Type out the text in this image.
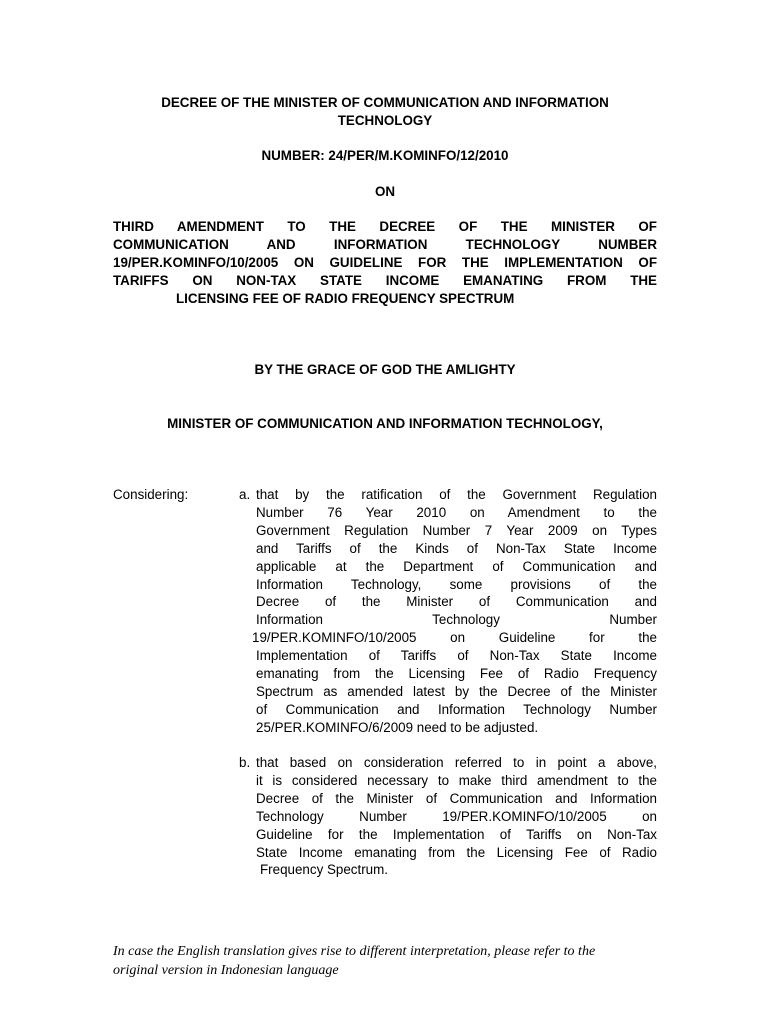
DECREE OF THE MINISTER OF COMMUNICATION AND INFORMATION
TECHNOLOGY
NUMBER: 24/PER/M.KOMINFO/12/2010
ON
THIRD AMENDMENT TO THE DECREE OF THE MINISTER OF
COMMUNICATION AND INFORMATION TECHNOLOGY NUMBER
19/PER.KOMINFO/10/2005 ON GUIDELINE FOR THE IMPLEMENTATION OF
TARIFFS ON NON-TAX STATE INCOME EMANATING FROM THE
LICENSING FEE OF RADIO FREQUENCY SPECTRUM
BY THE GRACE OF GOD THE AMLIGHTY
MINISTER OF COMMUNICATION AND INFORMATION TECHNOLOGY,
Considering:	a. that by the ratification of the Government Regulation
Number 76 Year 2010 on Amendment to the
Government Regulation Number 7 Year 2009 on Types
and Tariffs of the Kinds of Non-Tax State Income
applicable at the Department of Communication and
Information Technology, some provisions of the
Decree of the Minister of Communication and
Information Technology Number
19/PER.KOMINFO/10/2005 on Guideline for the
Implementation of Tariffs of Non-Tax State Income
emanating from the Licensing Fee of Radio Frequency
Spectrum as amended latest by the Decree of the Minister
of Communication and Information Technology Number
25/PER.KOMINFO/6/2009 need to be adjusted.
b. that based on consideration referred to in point a above,
it is considered necessary to make third amendment to the
Decree of the Minister of Communication and Information
Technology Number 19/PER.KOMINFO/10/2005 on
Guideline for the Implementation of Tariffs on Non-Tax
State Income emanating from the Licensing Fee of Radio
Frequency Spectrum.
In case the English translation gives rise to different interpretation, please refer to the
original version in Indonesian language
